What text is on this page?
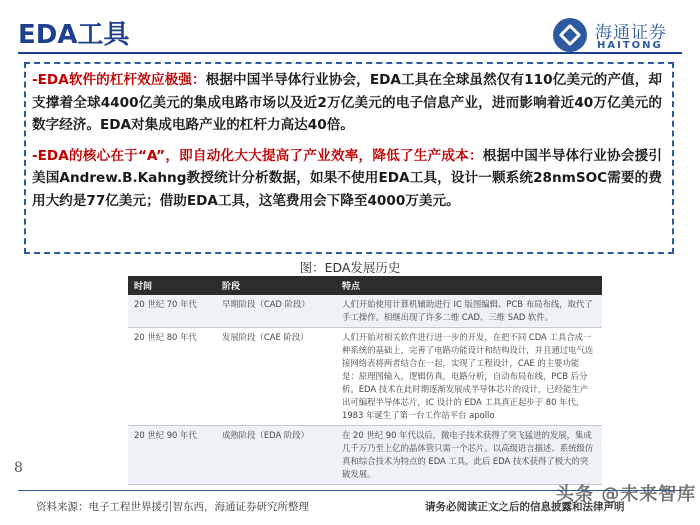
EDA工具	海通证券
HAITONG

-EDA软件的杠杆效应极强：根据中国半导体行业协会，EDA工具在全球虽然仅有110亿美元的产值，却支撑着全球4400亿美元的集成电路市场以及近2万亿美元的电子信息产业，进而影响着近40万亿美元的数字经济。EDA对集成电路产业的杠杆力高达40倍。

-EDA的核心在于“A”，即自动化大大提高了产业效率，降低了生产成本：根据中国半导体行业协会援引美国Andrew.B.Kahng教授统计分析数据，如果不使用EDA工具，设计一颗系统28nmSOC需要的费用大约是77亿美元；借助EDA工具，这笔费用会下降至4000万美元。

图：EDA发展历史
时间	阶段	特点
20 世纪 70 年代	早期阶段（CAD 阶段）	人们开始使用计算机辅助进行 IC 版图编辑、PCB 布局布线，取代了手工操作。相继出现了许多二维 CAD、三维 SAD 软件。
20 世纪 80 年代	发展阶段（CAE 阶段）	人们开始对相关软件进行进一步的开发，在把不同 CDA 工具合成一种系统的基础上，完善了电路功能设计和结构设计，并且通过电气连接网络表将两者结合在一起，实现了工程设计，CAE 的主要功能是：原理图输入，逻辑仿真，电路分析，自动布局布线，PCB 后分析。EDA 技术在此时期逐渐发展成半导体芯片的设计，已经能生产出可编程半导体芯片，IC 设计的 EDA 工具真正起步于 80 年代，1983 年诞生了第一台工作站平台 apollo
20 世纪 90 年代	成熟阶段（EDA 阶段）	在 20 世纪 90 年代以后，微电子技术获得了突飞猛进的发展，集成几千万乃至上亿的晶体管只需一个芯片。以高级语言描述、系统级仿真和综合技术为特点的 EDA 工具，此后 EDA 技术获得了极大的突破发展。
8
资料来源：电子工程世界援引智东西，海通证券研究所整理	请务必阅读正文之后的信息披露和法律声明
头条 @未来智库
